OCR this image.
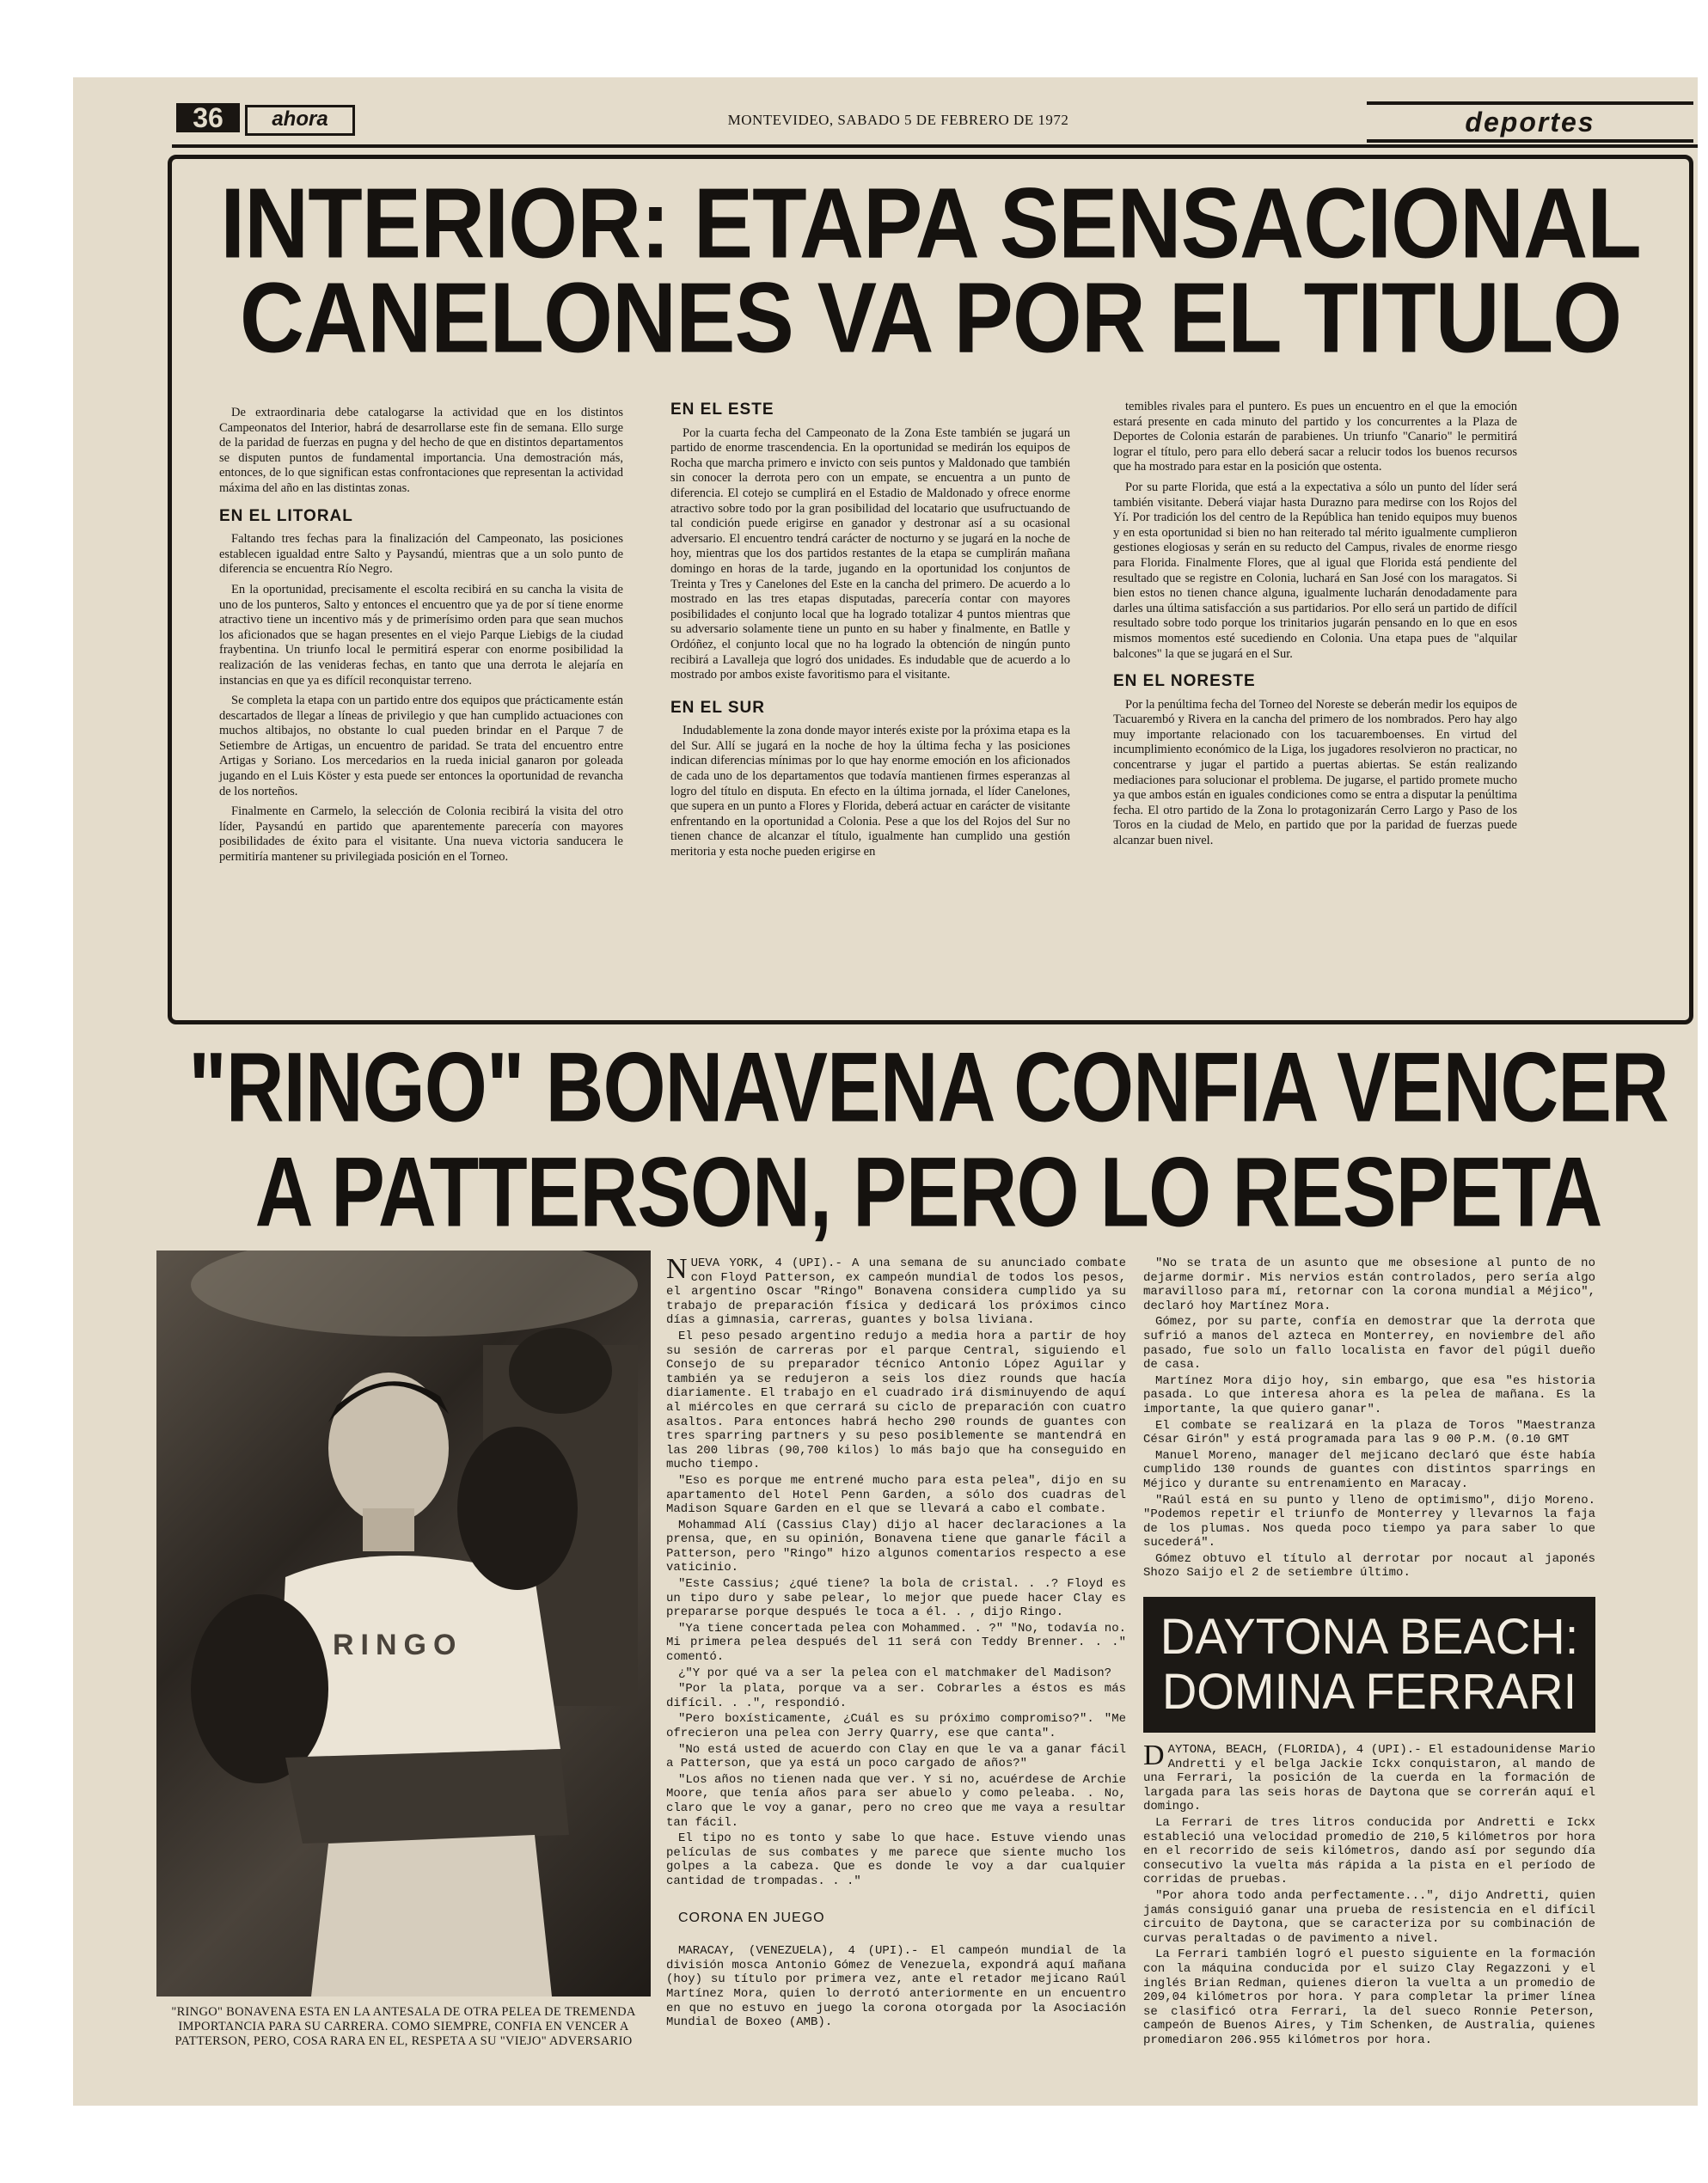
36	ahora	MONTEVIDEO, SABADO 5 DE FEBRERO DE 1972	deportes
INTERIOR: ETAPA SENSACIONAL
CANELONES VA POR EL TITULO

De extraordinaria debe catalogarse la actividad que en los distintos Campeonatos del Interior, habrá de desarrollarse este fin de semana. Ello surge de la paridad de fuerzas en pugna y del hecho de que en distintos departamentos se disputen puntos de fundamental importancia. Una demostración más, entonces, de lo que significan estas confrontaciones que representan la actividad máxima del año en las distintas zonas.

EN EL LITORAL

Faltando tres fechas para la finalización del Campeonato, las posiciones establecen igualdad entre Salto y Paysandú, mientras que a un solo punto de diferencia se encuentra Río Negro.

En la oportunidad, precisamente el escolta recibirá en su cancha la visita de uno de los punteros, Salto y entonces el encuentro que ya de por sí tiene enorme atractivo tiene un incentivo más y de primerísimo orden para que sean muchos los aficionados que se hagan presentes en el viejo Parque Liebigs de la ciudad fraybentina. Un triunfo local le permitirá esperar con enorme posibilidad la realización de las venideras fechas, en tanto que una derrota le alejaría en instancias en que ya es difícil reconquistar terreno.

Se completa la etapa con un partido entre dos equipos que prácticamente están descartados de llegar a líneas de privilegio y que han cumplido actuaciones con muchos altibajos, no obstante lo cual pueden brindar en el Parque 7 de Setiembre de Artigas, un encuentro de paridad. Se trata del encuentro entre Artigas y Soriano. Los mercedarios en la rueda inicial ganaron por goleada jugando en el Luis Köster y esta puede ser entonces la oportunidad de revancha de los norteños.

Finalmente en Carmelo, la selección de Colonia recibirá la visita del otro líder, Paysandú en partido que aparentemente parecería con mayores posibilidades de éxito para el visitante. Una nueva victoria sanducera le permitiría mantener su privilegiada posición en el Torneo.

EN EL ESTE

Por la cuarta fecha del Campeonato de la Zona Este también se jugará un partido de enorme trascendencia. En la oportunidad se medirán los equipos de Rocha que marcha primero e invicto con seis puntos y Maldonado que también sin conocer la derrota pero con un empate, se encuentra a un punto de diferencia. El cotejo se cumplirá en el Estadio de Maldonado y ofrece enorme atractivo sobre todo por la gran posibilidad del locatario que usufructuando de tal condición puede erigirse en ganador y destronar así a su ocasional adversario. El encuentro tendrá carácter de nocturno y se jugará en la noche de hoy, mientras que los dos partidos restantes de la etapa se cumplirán mañana domingo en horas de la tarde, jugando en la oportunidad los conjuntos de Treinta y Tres y Canelones del Este en la cancha del primero. De acuerdo a lo mostrado en las tres etapas disputadas, parecería contar con mayores posibilidades el conjunto local que ha logrado totalizar 4 puntos mientras que su adversario solamente tiene un punto en su haber y finalmente, en Batlle y Ordóñez, el conjunto local que no ha logrado la obtención de ningún punto recibirá a Lavalleja que logró dos unidades. Es indudable que de acuerdo a lo mostrado por ambos existe favoritismo para el visitante.

EN EL SUR

Indudablemente la zona donde mayor interés existe por la próxima etapa es la del Sur. Allí se jugará en la noche de hoy la última fecha y las posiciones indican diferencias mínimas por lo que hay enorme emoción en los aficionados de cada uno de los departamentos que todavía mantienen firmes esperanzas al logro del título en disputa. En efecto en la última jornada, el líder Canelones, que supera en un punto a Flores y Florida, deberá actuar en carácter de visitante enfrentando en la oportunidad a Colonia. Pese a que los del Rojos del Sur no tienen chance de alcanzar el título, igualmente han cumplido una gestión meritoria y esta noche pueden erigirse en

temibles rivales para el puntero. Es pues un encuentro en el que la emoción estará presente en cada minuto del partido y los concurrentes a la Plaza de Deportes de Colonia estarán de parabienes. Un triunfo "Canario" le permitirá lograr el título, pero para ello deberá sacar a relucir todos los buenos recursos que ha mostrado para estar en la posición que ostenta.

Por su parte Florida, que está a la expectativa a sólo un punto del líder será también visitante. Deberá viajar hasta Durazno para medirse con los Rojos del Yí. Por tradición los del centro de la República han tenido equipos muy buenos y en esta oportunidad si bien no han reiterado tal mérito igualmente cumplieron gestiones elogiosas y serán en su reducto del Campus, rivales de enorme riesgo para Florida. Finalmente Flores, que al igual que Florida está pendiente del resultado que se registre en Colonia, luchará en San José con los maragatos. Si bien estos no tienen chance alguna, igualmente lucharán denodadamente para darles una última satisfacción a sus partidarios. Por ello será un partido de difícil resultado sobre todo porque los trinitarios jugarán pensando en lo que en esos mismos momentos esté sucediendo en Colonia. Una etapa pues de "alquilar balcones" la que se jugará en el Sur.

EN EL NORESTE

Por la penúltima fecha del Torneo del Noreste se deberán medir los equipos de Tacuarembó y Rivera en la cancha del primero de los nombrados. Pero hay algo muy importante relacionado con los tacuaremboenses. En virtud del incumplimiento económico de la Liga, los jugadores resolvieron no practicar, no concentrarse y jugar el partido a puertas abiertas. Se están realizando mediaciones para solucionar el problema. De jugarse, el partido promete mucho ya que ambos están en iguales condiciones como se entra a disputar la penúltima fecha. El otro partido de la Zona lo protagonizarán Cerro Largo y Paso de los Toros en la ciudad de Melo, en partido que por la paridad de fuerzas puede alcanzar buen nivel.

"RINGO" BONAVENA CONFIA VENCER
A PATTERSON, PERO LO RESPETA
RINGO
"RINGO" BONAVENA ESTA EN LA ANTESALA DE OTRA PELEA DE TREMENDA IMPORTANCIA PARA SU CARRERA. COMO SIEMPRE, CONFIA EN VENCER A PATTERSON, PERO, COSA RARA EN EL, RESPETA A SU "VIEJO" ADVERSARIO

NUEVA YORK, 4 (UPI).- A una semana de su anunciado combate con Floyd Patterson, ex campeón mundial de todos los pesos, el argentino Oscar "Ringo" Bonavena considera cumplido ya su trabajo de preparación física y dedicará los próximos cinco días a gimnasia, carreras, guantes y bolsa liviana.

El peso pesado argentino redujo a media hora a partir de hoy su sesión de carreras por el parque Central, siguiendo el Consejo de su preparador técnico Antonio López Aguilar y también ya se redujeron a seis los diez rounds que hacía diariamente. El trabajo en el cuadrado irá disminuyendo de aquí al miércoles en que cerrará su ciclo de preparación con cuatro asaltos. Para entonces habrá hecho 290 rounds de guantes con tres sparring partners y su peso posiblemente se mantendrá en las 200 libras (90,700 kilos) lo más bajo que ha conseguido en mucho tiempo.

"Eso es porque me entrené mucho para esta pelea", dijo en su apartamento del Hotel Penn Garden, a sólo dos cuadras del Madison Square Garden en el que se llevará a cabo el combate.

Mohammad Alí (Cassius Clay) dijo al hacer declaraciones a la prensa, que, en su opinión, Bonavena tiene que ganarle fácil a Patterson, pero "Ringo" hizo algunos comentarios respecto a ese vaticinio.

"Este Cassius; ¿qué tiene? la bola de cristal. . .? Floyd es un tipo duro y sabe pelear, lo mejor que puede hacer Clay es prepararse porque después le toca a él. . , dijo Ringo.

"Ya tiene concertada pelea con Mohammed. . ?" "No, todavía no. Mi primera pelea después del 11 será con Teddy Brenner. . ." comentó.

¿"Y por qué va a ser la pelea con el matchmaker del Madison?

"Por la plata, porque va a ser. Cobrarles a éstos es más difícil. . .", respondió.

"Pero boxísticamente, ¿Cuál es su próximo compromiso?". "Me ofrecieron una pelea con Jerry Quarry, ese que canta".

"No está usted de acuerdo con Clay en que le va a ganar fácil a Patterson, que ya está un poco cargado de años?"

"Los años no tienen nada que ver. Y si no, acuérdese de Archie Moore, que tenía años para ser abuelo y como peleaba. . No, claro que le voy a ganar, pero no creo que me vaya a resultar tan fácil.

El tipo no es tonto y sabe lo que hace. Estuve viendo unas películas de sus combates y me parece que siente mucho los golpes a la cabeza. Que es donde le voy a dar cualquier cantidad de trompadas. . ."

CORONA EN JUEGO

MARACAY, (VENEZUELA), 4 (UPI).- El campeón mundial de la división mosca Antonio Gómez de Venezuela, expondrá aquí mañana (hoy) su título por primera vez, ante el retador mejicano Raúl Martínez Mora, quien lo derrotó anteriormente en un encuentro en que no estuvo en juego la corona otorgada por la Asociación Mundial de Boxeo (AMB).

"No se trata de un asunto que me obsesione al punto de no dejarme dormir. Mis nervios están controlados, pero sería algo maravilloso para mí, retornar con la corona mundial a Méjico", declaró hoy Martínez Mora.

Gómez, por su parte, confía en demostrar que la derrota que sufrió a manos del azteca en Monterrey, en noviembre del año pasado, fue solo un fallo localista en favor del púgil dueño de casa.

Martínez Mora dijo hoy, sin embargo, que esa "es historia pasada. Lo que interesa ahora es la pelea de mañana. Es la importante, la que quiero ganar".

El combate se realizará en la plaza de Toros "Maestranza César Girón" y está programada para las 9 00 P.M. (0.10 GMT

Manuel Moreno, manager del mejicano declaró que éste había cumplido 130 rounds de guantes con distintos sparrings en Méjico y durante su entrenamiento en Maracay.

"Raúl está en su punto y lleno de optimismo", dijo Moreno. "Podemos repetir el triunfo de Monterrey y llevarnos la faja de los plumas. Nos queda poco tiempo ya para saber lo que sucederá".

Gómez obtuvo el título al derrotar por nocaut al japonés Shozo Saijo el 2 de setiembre último.

DAYTONA BEACH:
DOMINA FERRARI

DAYTONA, BEACH, (FLORIDA), 4 (UPI).- El estadounidense Mario Andretti y el belga Jackie Ickx conquistaron, al mando de una Ferrari, la posición de la cuerda en la formación de largada para las seis horas de Daytona que se correrán aquí el domingo.

La Ferrari de tres litros conducida por Andretti e Ickx estableció una velocidad promedio de 210,5 kilómetros por hora en el recorrido de seis kilómetros, dando así por segundo día consecutivo la vuelta más rápida a la pista en el período de corridas de pruebas.

"Por ahora todo anda perfectamente...", dijo Andretti, quien jamás consiguió ganar una prueba de resistencia en el difícil circuito de Daytona, que se caracteriza por su combinación de curvas peraltadas o de pavimento a nivel.

La Ferrari también logró el puesto siguiente en la formación con la máquina conducida por el suizo Clay Regazzoni y el inglés Brian Redman, quienes dieron la vuelta a un promedio de 209,04 kilómetros por hora. Y para completar la primer línea se clasificó otra Ferrari, la del sueco Ronnie Peterson, campeón de Buenos Aires, y Tim Schenken, de Australia, quienes promediaron 206.955 kilómetros por hora.
